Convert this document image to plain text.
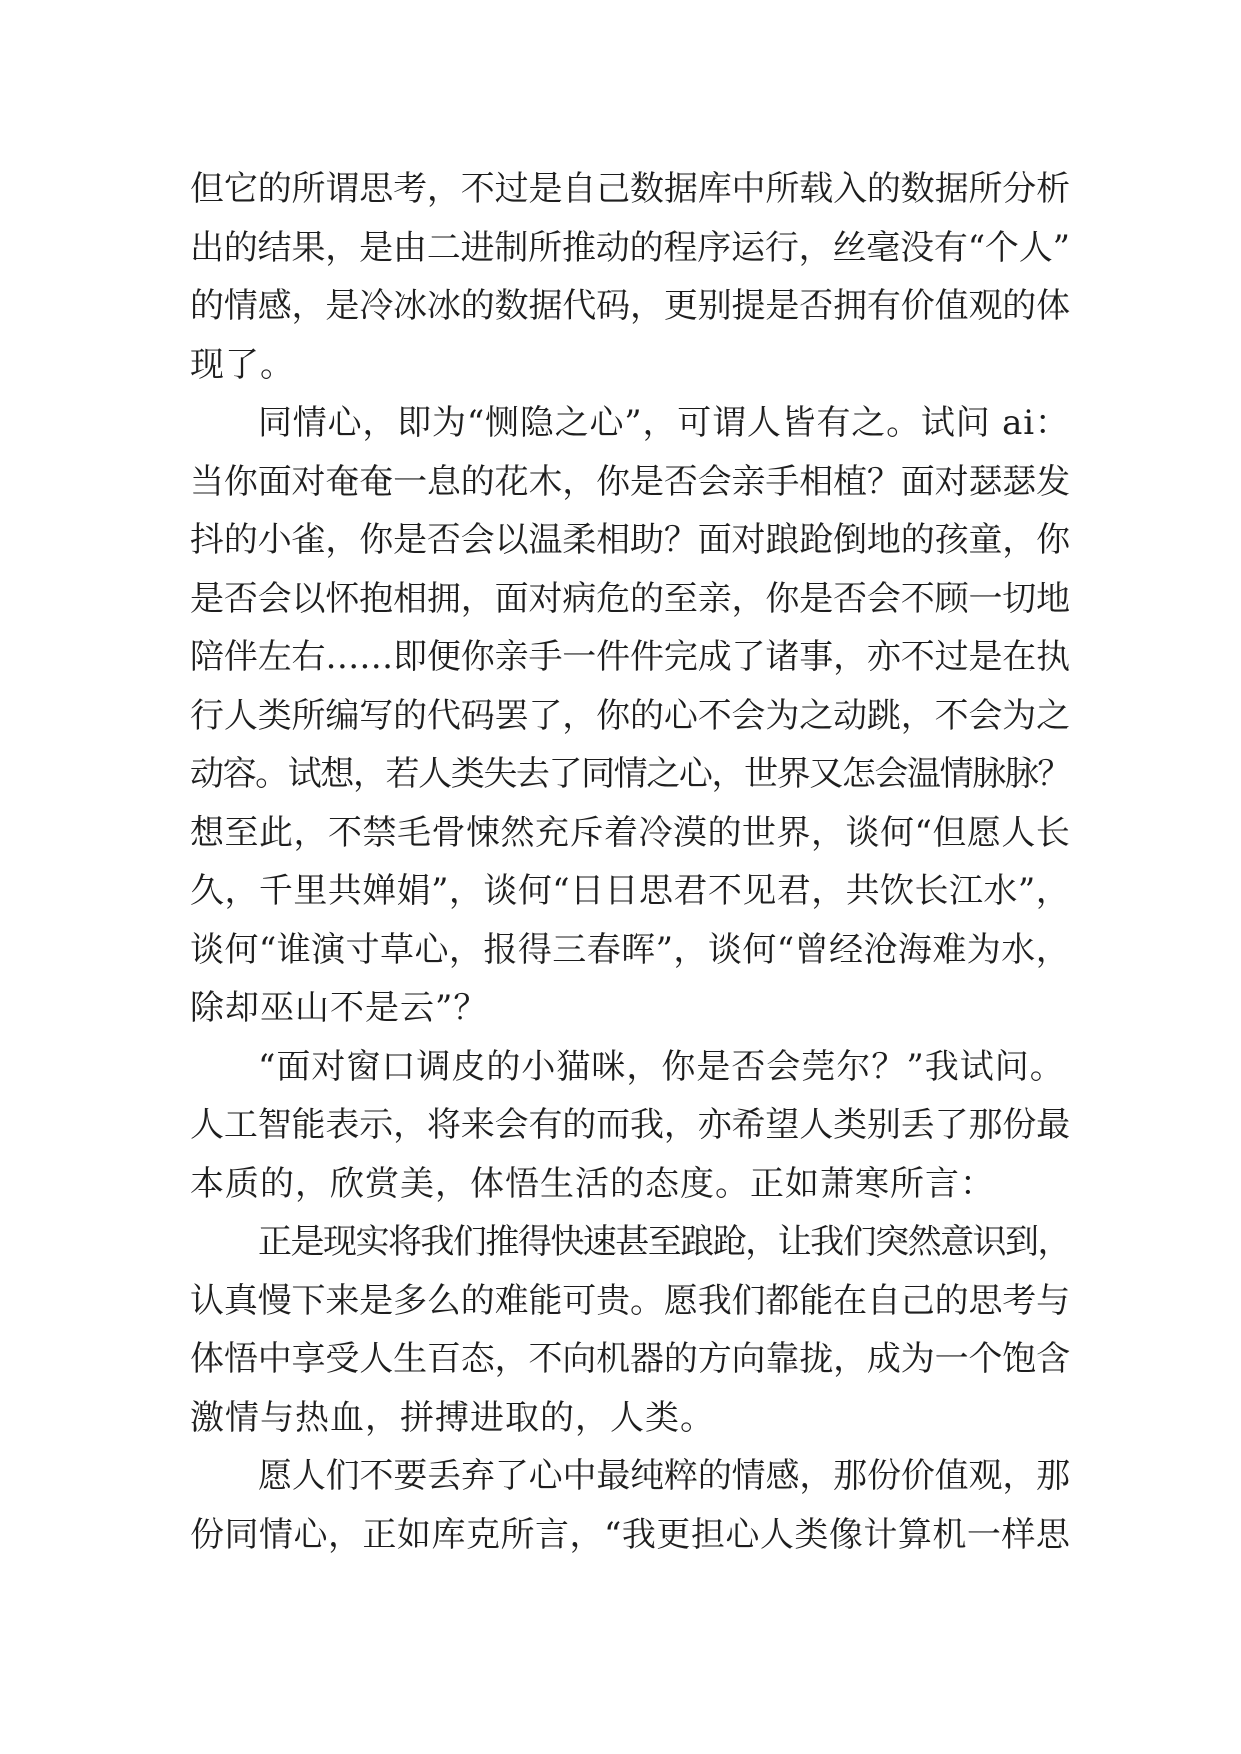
但它的所谓思考，不过是自己数据库中所载入的数据所分析
出的结果，是由二进制所推动的程序运行，丝毫没有“个人”
的情感，是冷冰冰的数据代码，更别提是否拥有价值观的体
现了。
同情心，即为“恻隐之心”，可谓人皆有之。试问 ai：
当你面对奄奄一息的花木，你是否会亲手相植？面对瑟瑟发
抖的小雀，你是否会以温柔相助？面对踉跄倒地的孩童，你
是否会以怀抱相拥，面对病危的至亲，你是否会不顾一切地
陪伴左右……即便你亲手一件件完成了诸事，亦不过是在执
行人类所编写的代码罢了，你的心不会为之动跳，不会为之
动容。试想，若人类失去了同情之心，世界又怎会温情脉脉？
想至此，不禁毛骨悚然充斥着冷漠的世界，谈何“但愿人长
久，千里共婵娟”，谈何“日日思君不见君，共饮长江水”，
谈何“谁演寸草心，报得三春晖”，谈何“曾经沧海难为水，
除却巫山不是云”？
“面对窗口调皮的小猫咪，你是否会莞尔？”我试问。
人工智能表示，将来会有的而我，亦希望人类别丢了那份最
本质的，欣赏美，体悟生活的态度。正如萧寒所言：
正是现实将我们推得快速甚至踉跄，让我们突然意识到，
认真慢下来是多么的难能可贵。愿我们都能在自己的思考与
体悟中享受人生百态，不向机器的方向靠拢，成为一个饱含
激情与热血，拼搏进取的，人类。
愿人们不要丢弃了心中最纯粹的情感，那份价值观，那
份同情心，正如库克所言，“我更担心人类像计算机一样思
